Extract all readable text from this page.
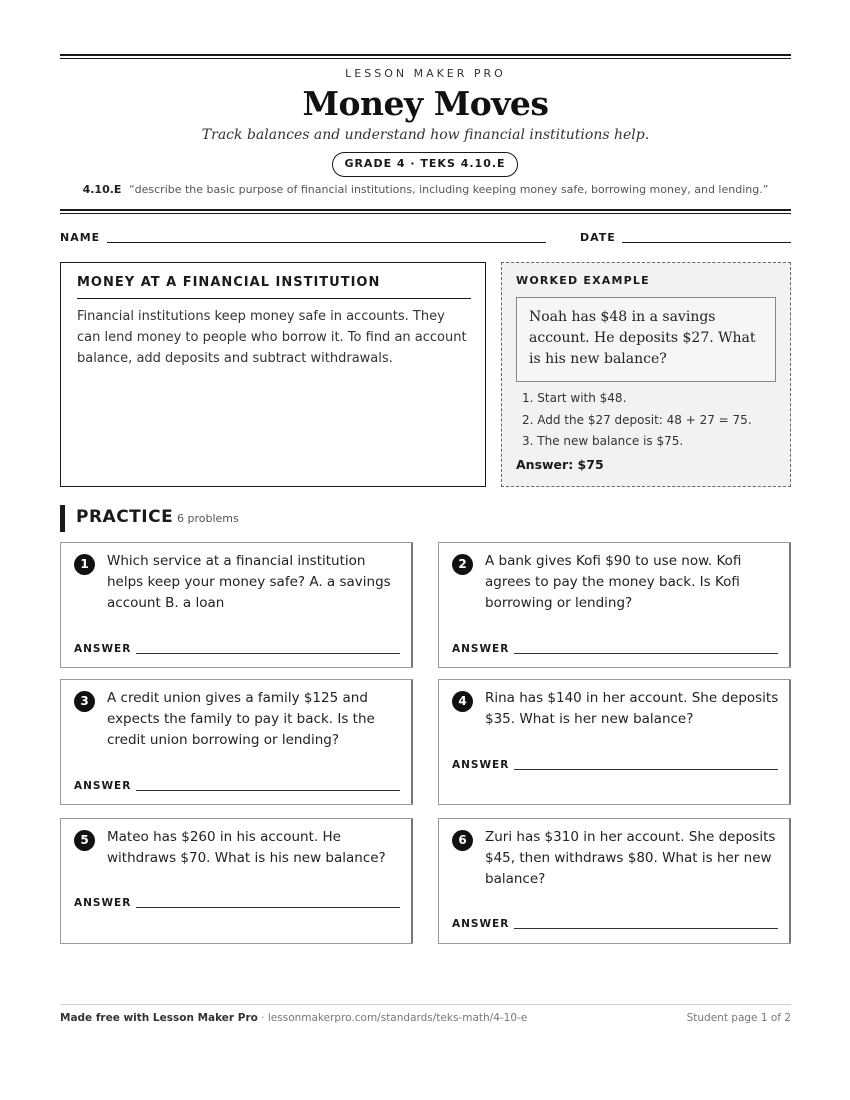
LESSON MAKER PRO
Money Moves
Track balances and understand how financial institutions help.
GRADE 4 · TEKS 4.10.E
4.10.E “describe the basic purpose of financial institutions, including keeping money safe, borrowing money, and lending.”
NAME	DATE
MONEY AT A FINANCIAL INSTITUTION
Financial institutions keep money safe in accounts. They can lend money to people who borrow it. To find an account balance, add deposits and subtract withdrawals.
WORKED EXAMPLE
Noah has $48 in a savings account. He deposits $27. What is his new balance?
1. Start with $48.
2. Add the $27 deposit: 48 + 27 = 75.
3. The new balance is $75.
Answer: $75
PRACTICE 6 problems
1	Which service at a financial institution helps keep your money safe? A. a savings account B. a loan
ANSWER
2	A bank gives Kofi $90 to use now. Kofi agrees to pay the money back. Is Kofi borrowing or lending?
ANSWER
3	A credit union gives a family $125 and expects the family to pay it back. Is the credit union borrowing or lending?
ANSWER
4	Rina has $140 in her account. She deposits $35. What is her new balance?
ANSWER
5	Mateo has $260 in his account. He withdraws $70. What is his new balance?
ANSWER
6	Zuri has $310 in her account. She deposits $45, then withdraws $80. What is her new balance?
ANSWER
Made free with Lesson Maker Pro · lessonmakerpro.com/standards/teks-math/4-10-e	Student page 1 of 2
